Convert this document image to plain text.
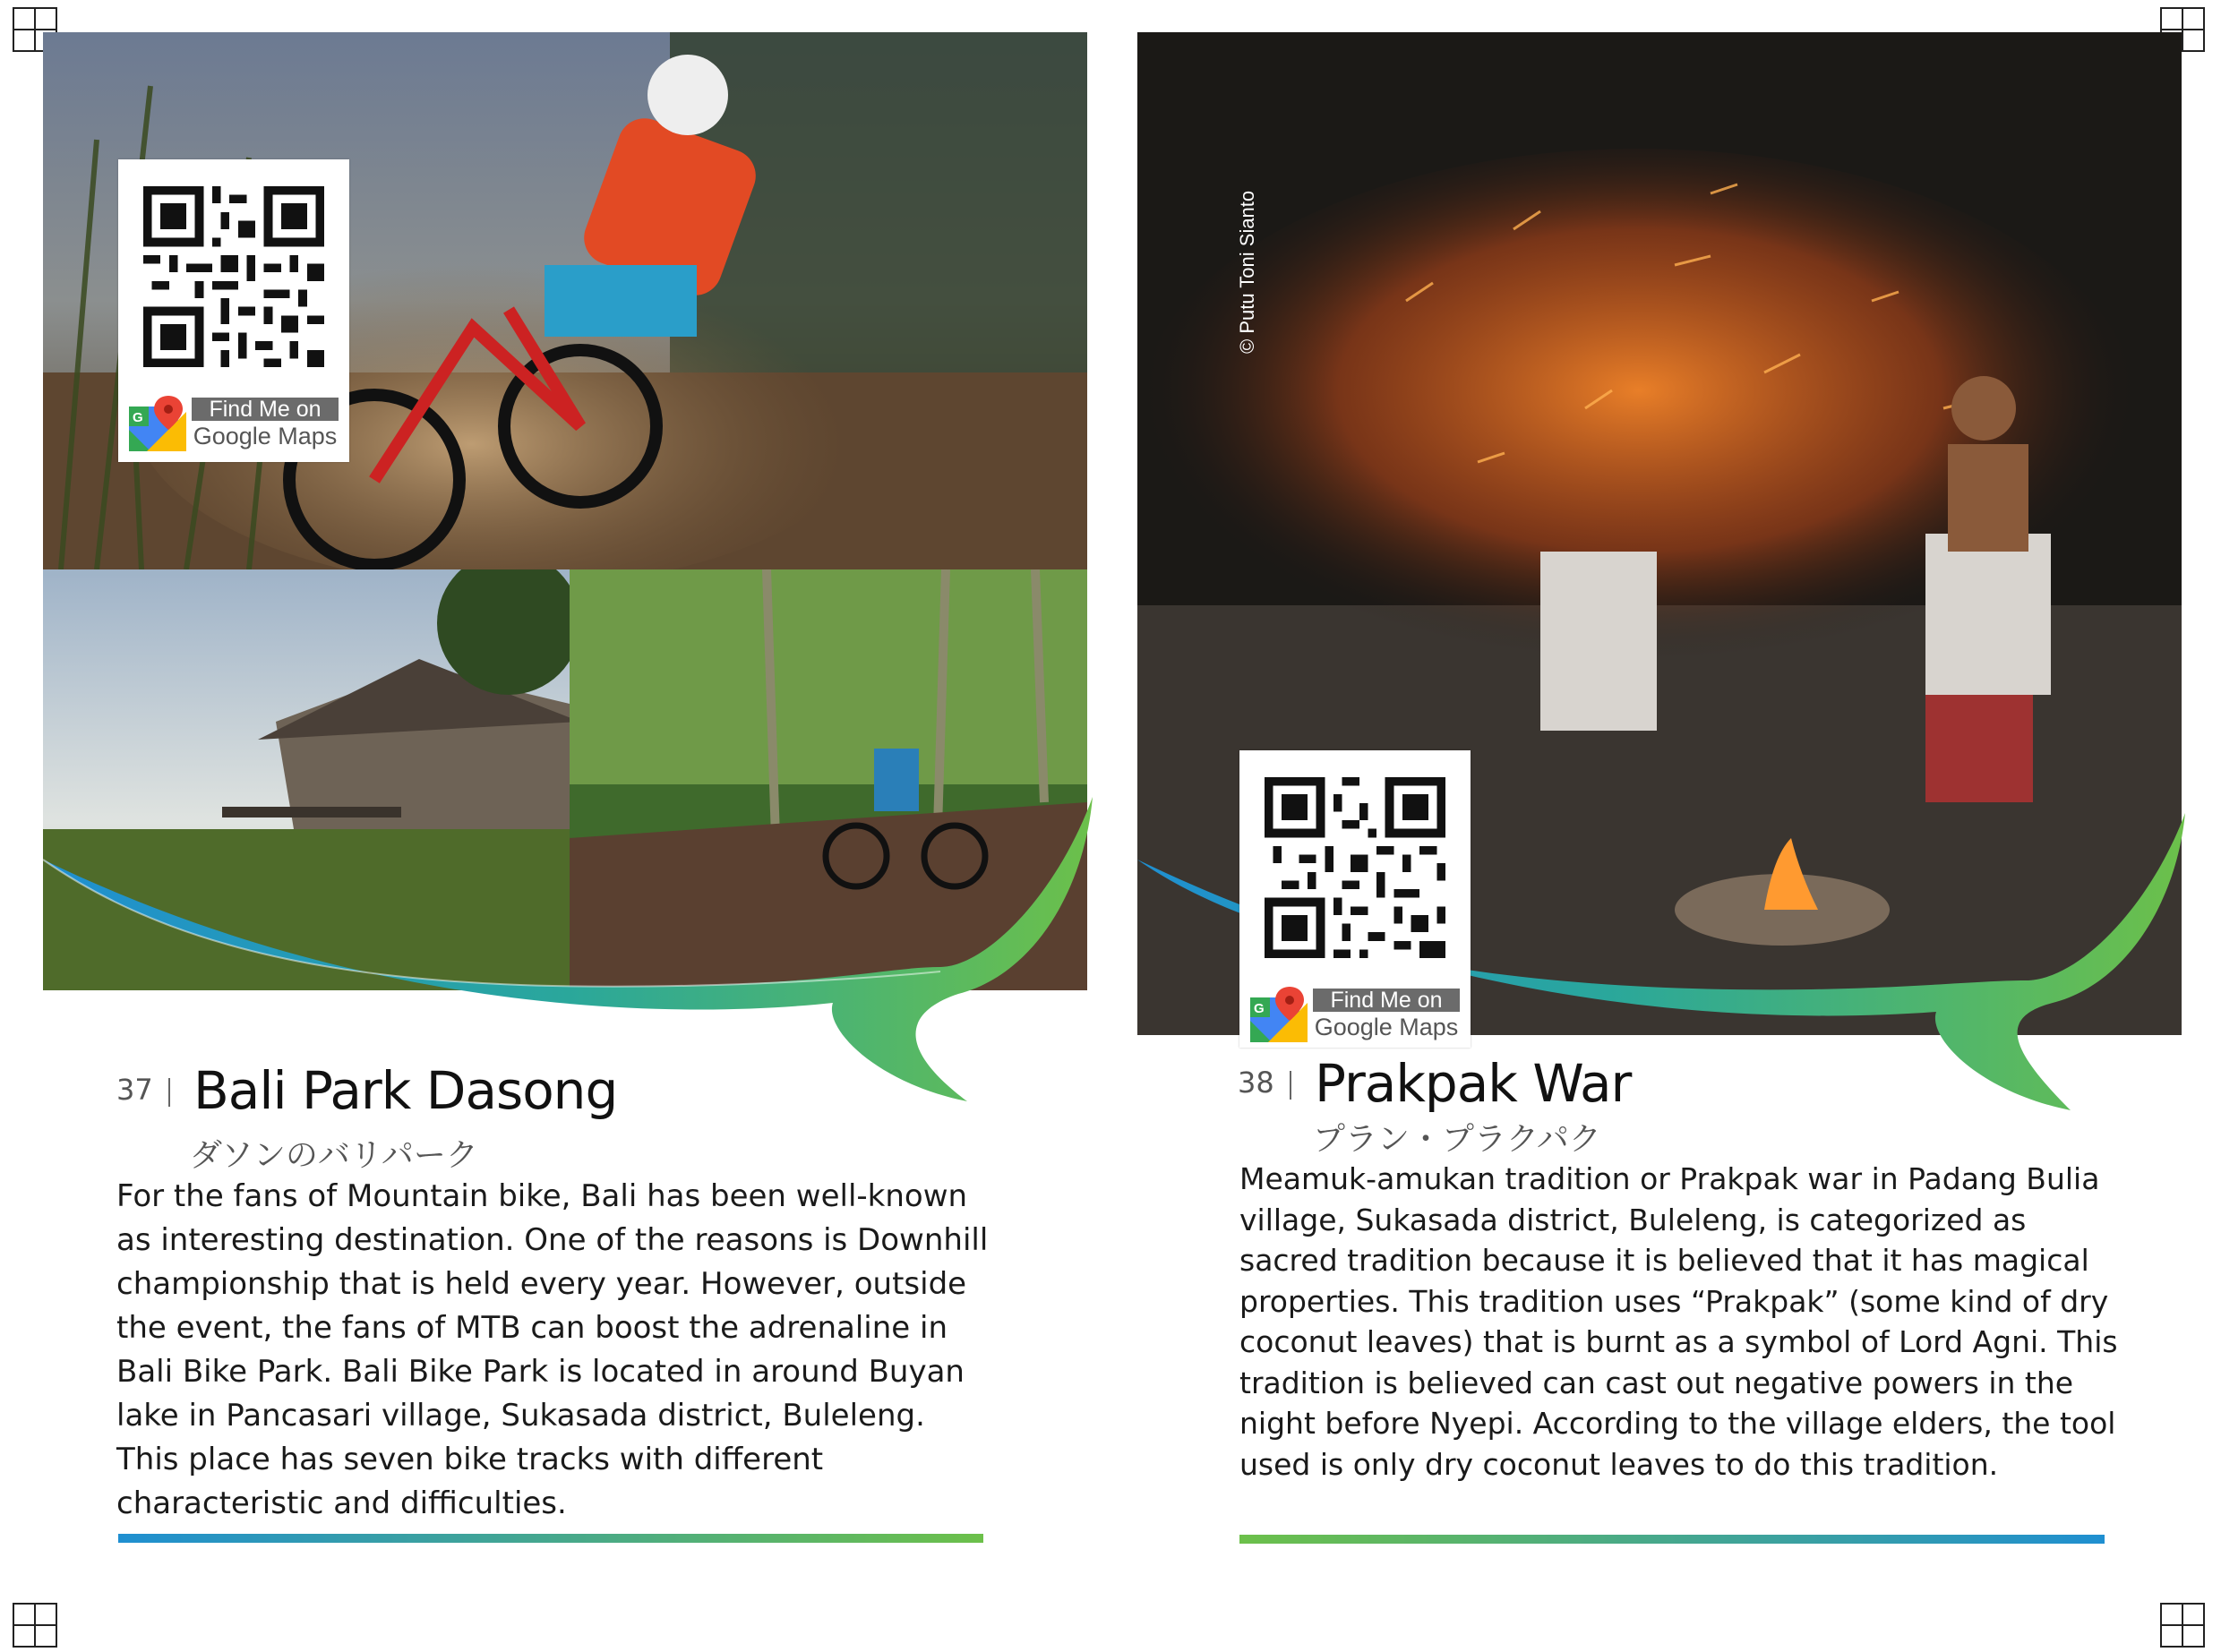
G	Find Me on
Google Maps
37 Bali Park Dasong
ダソンのバリパーク
For the fans of Mountain bike, Bali has been well-known as interesting destination. One of the reasons is Downhill championship that is held every year. However, outside the event, the fans of MTB can boost the adrenaline in Bali Bike Park. Bali Bike Park is located in around Buyan lake in Pancasari village, Sukasada district, Buleleng. This place has seven bike tracks with different characteristic and difficulties.
© Putu Toni Sianto
G	Find Me on
Google Maps
38 Prakpak War
プラン・プラクパク
Meamuk-amukan tradition or Prakpak war in Padang Bulia village, Sukasada district, Buleleng, is categorized as sacred tradition because it is believed that it has magical properties. This tradition uses “Prakpak” (some kind of dry coconut leaves) that is burnt as a symbol of Lord Agni. This tradition is believed can cast out negative powers in the night before Nyepi. According to the village elders, the tool used is only dry coconut leaves to do this tradition.
